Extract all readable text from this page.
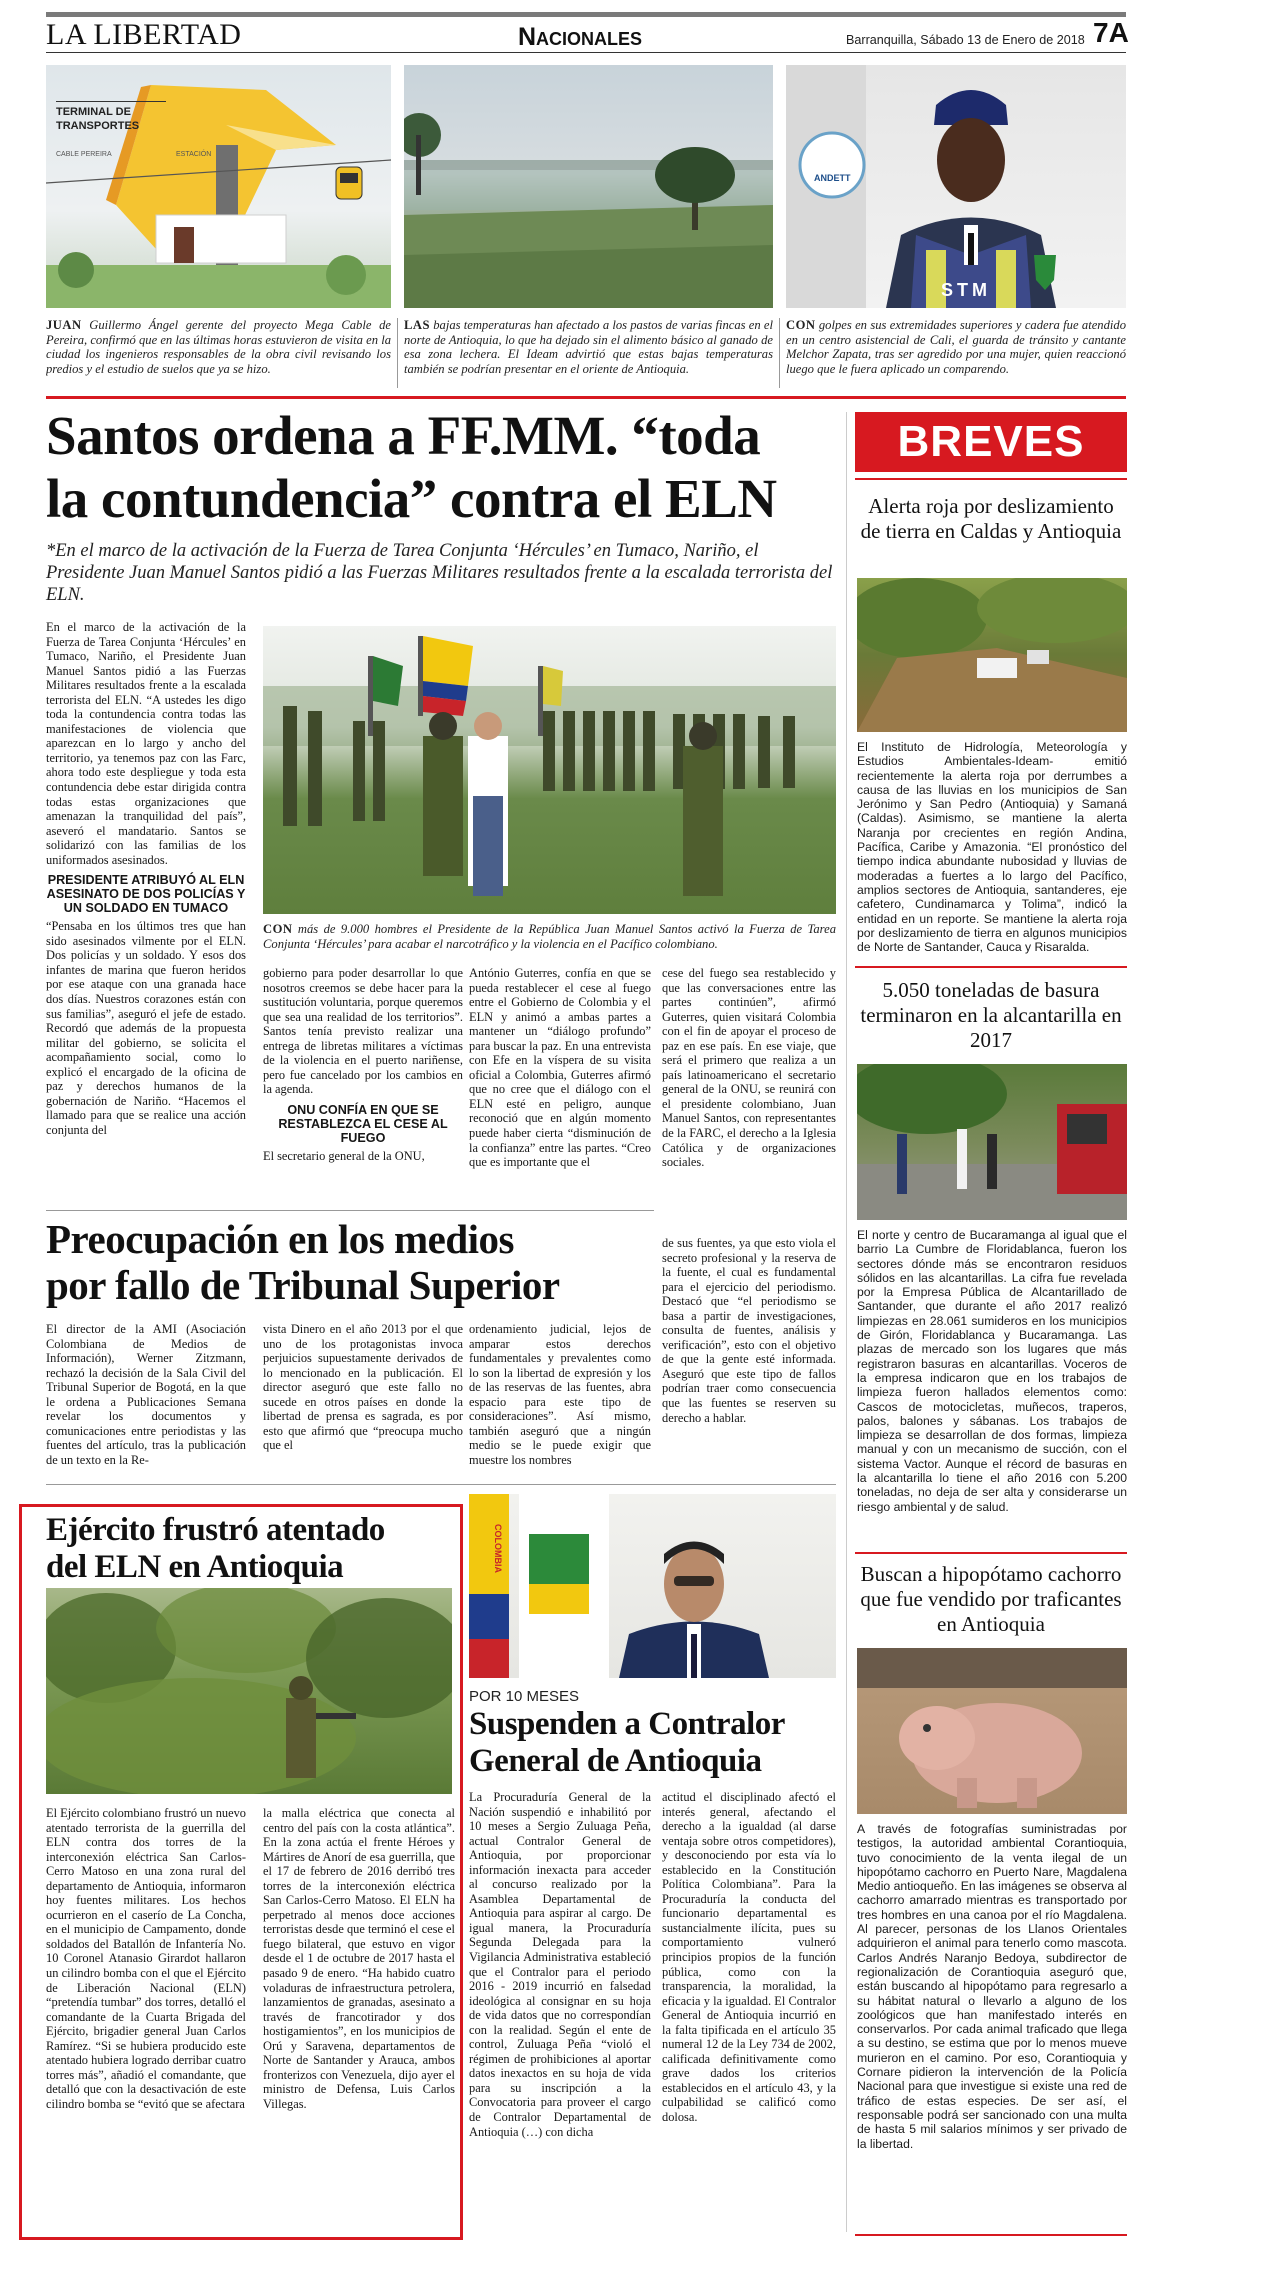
LA LIBERTAD	Nacionales	Barranquilla, Sábado 13 de Enero de 2018 7A
TERMINAL DE TRANSPORTES
CABLE PEREIRA	ESTACIÓN
ANDETT
STM
JUAN Guillermo Ángel gerente del proyecto Mega Cable de Pereira, confirmó que en las últimas horas estuvieron de visita en la ciudad los ingenieros responsables de la obra civil revisando los predios y el estudio de suelos que ya se hizo.
LAS bajas temperaturas han afectado a los pastos de varias fincas en el norte de Antioquia, lo que ha dejado sin el alimento básico al ganado de esa zona lechera. El Ideam advirtió que estas bajas temperaturas también se podrían presentar en el oriente de Antioquia.
CON golpes en sus extremidades superiores y cadera fue atendido en un centro asistencial de Cali, el guarda de tránsito y cantante Melchor Zapata, tras ser agredido por una mujer, quien reaccionó luego que le fuera aplicado un comparendo.
Santos ordena a FF.MM. “toda
la contundencia” contra el ELN
*En el marco de la activación de la Fuerza de Tarea Conjunta ‘Hércules’ en Tumaco, Nariño, el Presidente Juan Manuel Santos pidió a las Fuerzas Militares resultados frente a la escalada terrorista del ELN.

En el marco de la activación de la Fuerza de Tarea Conjunta ‘Hércules’ en Tumaco, Nariño, el Presidente Juan Manuel Santos pidió a las Fuerzas Militares resultados frente a la escalada terrorista del ELN. “A ustedes les digo toda la contundencia contra todas las manifestaciones de violencia que aparezcan en lo largo y ancho del territorio, ya tenemos paz con las Farc, ahora todo este despliegue y toda esta contundencia debe estar dirigida contra todas estas organizaciones que amenazan la tranquilidad del país”, aseveró el mandatario. Santos se solidarizó con las familias de los uniformados asesinados.

PRESIDENTE ATRIBUYÓ AL ELN ASESINATO DE DOS POLICÍAS Y UN SOLDADO EN TUMACO

“Pensaba en los últimos tres que han sido asesinados vilmente por el ELN. Dos policías y un soldado. Y esos dos infantes de marina que fueron heridos por ese ataque con una granada hace dos días. Nuestros corazones están con sus familias”, aseguró el jefe de estado. Recordó que además de la propuesta militar del gobierno, se solicita el acompañamiento social, como lo explicó el encargado de la oficina de paz y derechos humanos de la gobernación de Nariño. “Hacemos el llamado para que se realice una acción conjunta del

CON más de 9.000 hombres el Presidente de la República Juan Manuel Santos activó la Fuerza de Tarea Conjunta ‘Hércules’ para acabar el narcotráfico y la violencia en el Pacífico colombiano.

gobierno para poder desarrollar lo que nosotros creemos se debe hacer para la sustitución voluntaria, porque queremos que sea una realidad de los territorios”. Santos tenía previsto realizar una entrega de libretas militares a víctimas de la violencia en el puerto nariñense, pero fue cancelado por los cambios en la agenda.

ONU CONFÍA EN QUE SE RESTABLEZCA EL CESE AL FUEGO

El secretario general de la ONU,

António Guterres, confía en que se pueda restablecer el cese al fuego entre el Gobierno de Colombia y el ELN y animó a ambas partes a mantener un “diálogo profundo” para buscar la paz. En una entrevista con Efe en la víspera de su visita oficial a Colombia, Guterres afirmó que no cree que el diálogo con el ELN esté en peligro, aunque reconoció que en algún momento puede haber cierta “disminución de la confianza” entre las partes. “Creo que es importante que el

cese del fuego sea restablecido y que las conversaciones entre las partes continúen”, afirmó Guterres, quien visitará Colombia con el fin de apoyar el proceso de paz en ese país. En ese viaje, que será el primero que realiza a un país latinoamericano el secretario general de la ONU, se reunirá con el presidente colombiano, Juan Manuel Santos, con representantes de la FARC, el derecho a la Iglesia Católica y de organizaciones sociales.

Preocupación en los medios
por fallo de Tribunal Superior

El director de la AMI (Asociación Colombiana de Medios de Información), Werner Zitzmann, rechazó la decisión de la Sala Civil del Tribunal Superior de Bogotá, en la que le ordena a Publicaciones Semana revelar los documentos y comunicaciones entre periodistas y las fuentes del artículo, tras la publicación de un texto en la Re-

vista Dinero en el año 2013 por el que uno de los protagonistas invoca perjuicios supuestamente derivados de lo mencionado en la publicación. El director aseguró que este fallo no sucede en otros países en donde la libertad de prensa es sagrada, es por esto que afirmó que “preocupa mucho que el

ordenamiento judicial, lejos de amparar estos derechos fundamentales y prevalentes como lo son la libertad de expresión y los de las reservas de las fuentes, abra espacio para este tipo de consideraciones”. Así mismo, también aseguró que a ningún medio se le puede exigir que muestre los nombres

de sus fuentes, ya que esto viola el secreto profesional y la reserva de la fuente, el cual es fundamental para el ejercicio del periodismo. Destacó que “el periodismo se basa a partir de investigaciones, consulta de fuentes, análisis y verificación”, esto con el objetivo de que la gente esté informada. Aseguró que este tipo de fallos podrían traer como consecuencia que las fuentes se reserven su derecho a hablar.

Ejército frustró atentado
del ELN en Antioquia

El Ejército colombiano frustró un nuevo atentado terrorista de la guerrilla del ELN contra dos torres de la interconexión eléctrica San Carlos-Cerro Matoso en una zona rural del departamento de Antioquia, informaron hoy fuentes militares. Los hechos ocurrieron en el caserío de La Concha, en el municipio de Campamento, donde soldados del Batallón de Infantería No. 10 Coronel Atanasio Girardot hallaron un cilindro bomba con el que el Ejército de Liberación Nacional (ELN) “pretendía tumbar” dos torres, detalló el comandante de la Cuarta Brigada del Ejército, brigadier general Juan Carlos Ramírez. “Si se hubiera producido este atentado hubiera logrado derribar cuatro torres más”, añadió el comandante, que detalló que con la desactivación de este cilindro bomba se “evitó que se afectara

la malla eléctrica que conecta al centro del país con la costa atlántica”. En la zona actúa el frente Héroes y Mártires de Anorí de esa guerrilla, que el 17 de febrero de 2016 derribó tres torres de la interconexión eléctrica San Carlos-Cerro Matoso. El ELN ha perpetrado al menos doce acciones terroristas desde que terminó el cese el fuego bilateral, que estuvo en vigor desde el 1 de octubre de 2017 hasta el pasado 9 de enero. “Ha habido cuatro voladuras de infraestructura petrolera, lanzamientos de granadas, asesinato a través de francotirador y dos hostigamientos”, en los municipios de Orú y Saravena, departamentos de Norte de Santander y Arauca, ambos fronterizos con Venezuela, dijo ayer el ministro de Defensa, Luis Carlos Villegas.

COLOMBIA
POR 10 MESES
Suspenden a Contralor
General de Antioquia

La Procuraduría General de la Nación suspendió e inhabilitó por 10 meses a Sergio Zuluaga Peña, actual Contralor General de Antioquia, por proporcionar información inexacta para acceder al concurso realizado por la Asamblea Departamental de Antioquia para aspirar al cargo. De igual manera, la Procuraduría Segunda Delegada para la Vigilancia Administrativa estableció que el Contralor para el periodo 2016 - 2019 incurrió en falsedad ideológica al consignar en su hoja de vida datos que no correspondían con la realidad. Según el ente de control, Zuluaga Peña “violó el régimen de prohibiciones al aportar datos inexactos en su hoja de vida para su inscripción a la Convocatoria para proveer el cargo de Contralor Departamental de Antioquia (…) con dicha

actitud el disciplinado afectó el interés general, afectando el derecho a la igualdad (al darse ventaja sobre otros competidores), y desconociendo por esta vía lo establecido en la Constitución Política Colombiana”. Para la Procuraduría la conducta del funcionario departamental es sustancialmente ilícita, pues su comportamiento vulneró principios propios de la función pública, como con la transparencia, la moralidad, la eficacia y la igualdad. El Contralor General de Antioquia incurrió en la falta tipificada en el artículo 35 numeral 12 de la Ley 734 de 2002, calificada definitivamente como grave dados los criterios establecidos en el artículo 43, y la culpabilidad se calificó como dolosa.

BREVES
Alerta roja por deslizamiento de tierra en Caldas y Antioquia
El Instituto de Hidrología, Meteorología y Estudios Ambientales-Ideam- emitió recientemente la alerta roja por derrumbes a causa de las lluvias en los municipios de San Jerónimo y San Pedro (Antioquia) y Samaná (Caldas). Asimismo, se mantiene la alerta Naranja por crecientes en región Andina, Pacífica, Caribe y Amazonia. “El pronóstico del tiempo indica abundante nubosidad y lluvias de moderadas a fuertes a lo largo del Pacífico, amplios sectores de Antioquia, santanderes, eje cafetero, Cundinamarca y Tolima”, indicó la entidad en un reporte. Se mantiene la alerta roja por deslizamiento de tierra en algunos municipios de Norte de Santander, Cauca y Risaralda.
5.050 toneladas de basura terminaron en la alcantarilla en 2017
El norte y centro de Bucaramanga al igual que el barrio La Cumbre de Floridablanca, fueron los sectores dónde más se encontraron residuos sólidos en las alcantarillas. La cifra fue revelada por la Empresa Pública de Alcantarillado de Santander, que durante el año 2017 realizó limpiezas en 28.061 sumideros en los municipios de Girón, Floridablanca y Bucaramanga. Las plazas de mercado son los lugares que más registraron basuras en alcantarillas. Voceros de la empresa indicaron que en los trabajos de limpieza fueron hallados elementos como: Cascos de motocicletas, muñecos, traperos, palos, balones y sábanas. Los trabajos de limpieza se desarrollan de dos formas, limpieza manual y con un mecanismo de succión, con el sistema Vactor. Aunque el récord de basuras en la alcantarilla lo tiene el año 2016 con 5.200 toneladas, no deja de ser alta y considerarse un riesgo ambiental y de salud.
Buscan a hipopótamo cachorro que fue vendido por traficantes en Antioquia
A través de fotografías suministradas por testigos, la autoridad ambiental Corantioquia, tuvo conocimiento de la venta ilegal de un hipopótamo cachorro en Puerto Nare, Magdalena Medio antioqueño. En las imágenes se observa al cachorro amarrado mientras es transportado por tres hombres en una canoa por el río Magdalena. Al parecer, personas de los Llanos Orientales adquirieron el animal para tenerlo como mascota. Carlos Andrés Naranjo Bedoya, subdirector de regionalización de Corantioquia aseguró que, están buscando al hipopótamo para regresarlo a su hábitat natural o llevarlo a alguno de los zoológicos que han manifestado interés en conservarlos. Por cada animal traficado que llega a su destino, se estima que por lo menos mueve murieron en el camino. Por eso, Corantioquia y Cornare pidieron la intervención de la Policía Nacional para que investigue si existe una red de tráfico de estas especies. De ser así, el responsable podrá ser sancionado con una multa de hasta 5 mil salarios mínimos y ser privado de la libertad.
